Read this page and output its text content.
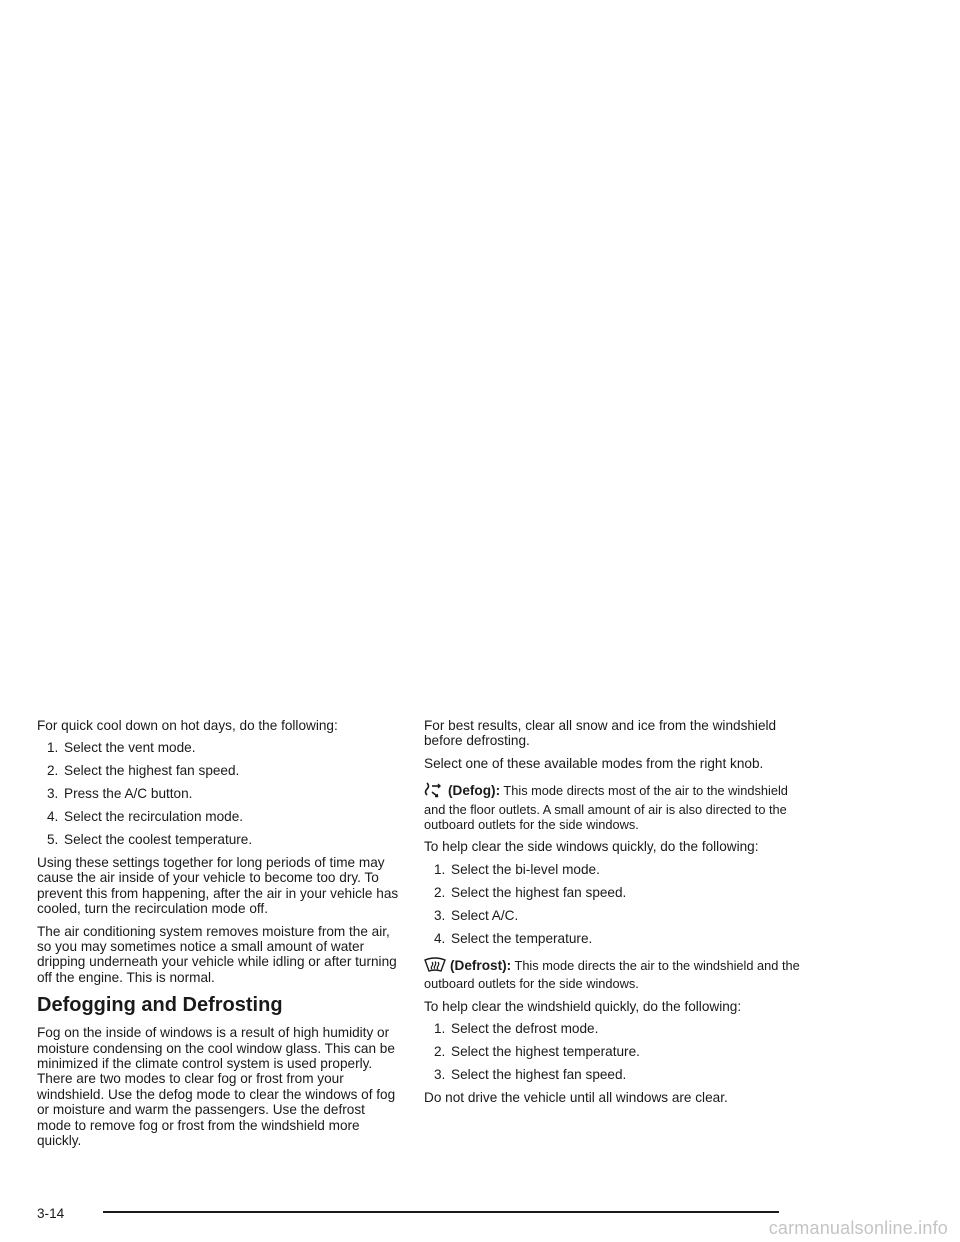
For quick cool down on hot days, do the following:

1. Select the vent mode.
2. Select the highest fan speed.
3. Press the A/C button.
4. Select the recirculation mode.
5. Select the coolest temperature.

Using these settings together for long periods of time may cause the air inside of your vehicle to become too dry. To prevent this from happening, after the air in your vehicle has cooled, turn the recirculation mode off.

The air conditioning system removes moisture from the air, so you may sometimes notice a small amount of water dripping underneath your vehicle while idling or after turning off the engine. This is normal.

Defogging and Defrosting

Fog on the inside of windows is a result of high humidity or moisture condensing on the cool window glass. This can be minimized if the climate control system is used properly. There are two modes to clear fog or frost from your windshield. Use the defog mode to clear the windows of fog or moisture and warm the passengers. Use the defrost mode to remove fog or frost from the windshield more quickly.

For best results, clear all snow and ice from the windshield before defrosting.

Select one of these available modes from the right knob.

(Defog): This mode directs most of the air to the windshield and the floor outlets. A small amount of air is also directed to the outboard outlets for the side windows.

To help clear the side windows quickly, do the following:

1. Select the bi-level mode.
2. Select the highest fan speed.
3. Select A/C.
4. Select the temperature.

(Defrost): This mode directs the air to the windshield and the outboard outlets for the side windows.

To help clear the windshield quickly, do the following:

1. Select the defrost mode.
2. Select the highest temperature.
3. Select the highest fan speed.

Do not drive the vehicle until all windows are clear.

3-14
carmanualsonline.info
